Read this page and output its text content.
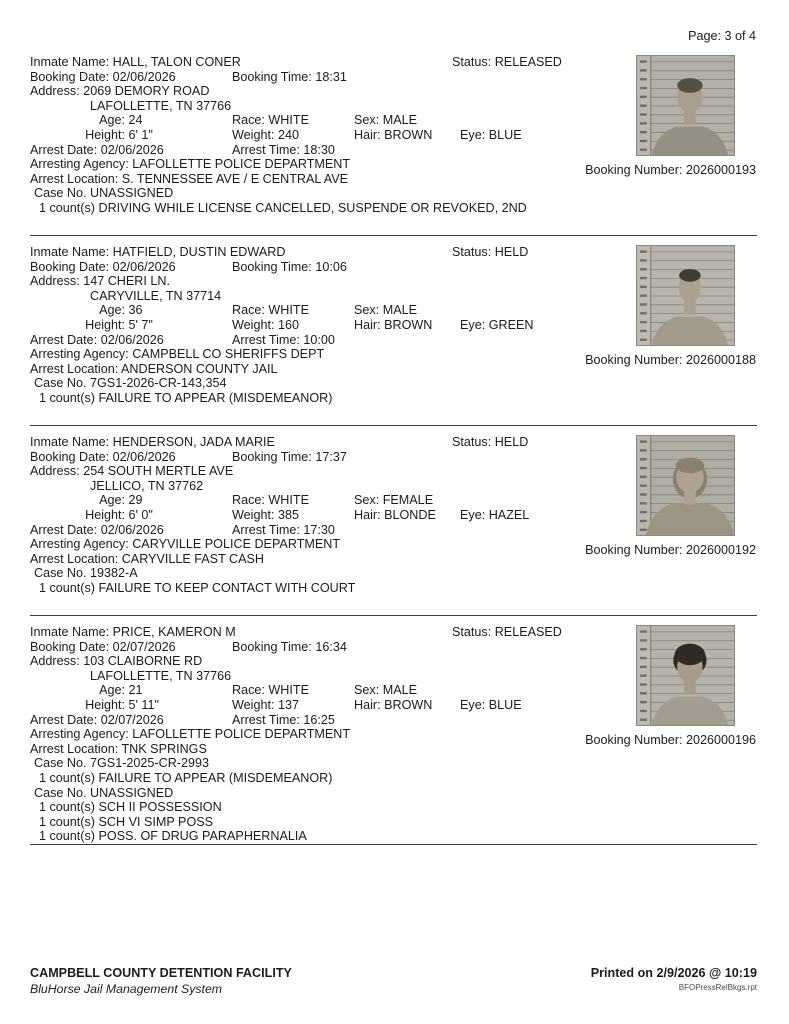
Page: 3 of 4
Inmate Name: HALL, TALON CONER	Status: RELEASED
Booking Date: 02/06/2026	Booking Time: 18:31
Address: 2069 DEMORY ROAD
LAFOLLETTE, TN 37766
Age: 24	Race: WHITE	Sex: MALE
Height: 6' 1"	Weight: 240	Hair: BROWN Eye: BLUE
Arrest Date: 02/06/2026	Arrest Time: 18:30
Arresting Agency: LAFOLLETTE POLICE DEPARTMENT
Arrest Location: S. TENNESSEE AVE / E CENTRAL AVE
Case No. UNASSIGNED
1 count(s) DRIVING WHILE LICENSE CANCELLED, SUSPENDE OR REVOKED, 2ND
Booking Number: 2026000193
Inmate Name: HATFIELD, DUSTIN EDWARD	Status: HELD
Booking Date: 02/06/2026	Booking Time: 10:06
Address: 147 CHERI LN.
CARYVILLE, TN 37714
Age: 36	Race: WHITE	Sex: MALE
Height: 5' 7"	Weight: 160	Hair: BROWN Eye: GREEN
Arrest Date: 02/06/2026	Arrest Time: 10:00
Arresting Agency: CAMPBELL CO SHERIFFS DEPT
Arrest Location: ANDERSON COUNTY JAIL
Case No. 7GS1-2026-CR-143,354
1 count(s) FAILURE TO APPEAR (MISDEMEANOR)
Booking Number: 2026000188
Inmate Name: HENDERSON, JADA MARIE	Status: HELD
Booking Date: 02/06/2026	Booking Time: 17:37
Address: 254 SOUTH MERTLE AVE
JELLICO, TN 37762
Age: 29	Race: WHITE	Sex: FEMALE
Height: 6' 0"	Weight: 385	Hair: BLONDE Eye: HAZEL
Arrest Date: 02/06/2026	Arrest Time: 17:30
Arresting Agency: CARYVILLE POLICE DEPARTMENT
Arrest Location: CARYVILLE FAST CASH
Case No. 19382-A
1 count(s) FAILURE TO KEEP CONTACT WITH COURT
Booking Number: 2026000192
Inmate Name: PRICE, KAMERON M	Status: RELEASED
Booking Date: 02/07/2026	Booking Time: 16:34
Address: 103 CLAIBORNE RD
LAFOLLETTE, TN 37766
Age: 21	Race: WHITE	Sex: MALE
Height: 5' 11"	Weight: 137	Hair: BROWN Eye: BLUE
Arrest Date: 02/07/2026	Arrest Time: 16:25
Arresting Agency: LAFOLLETTE POLICE DEPARTMENT
Arrest Location: TNK SPRINGS
Case No. 7GS1-2025-CR-2993
1 count(s) FAILURE TO APPEAR (MISDEMEANOR)
Case No. UNASSIGNED
1 count(s) SCH II POSSESSION
1 count(s) SCH VI SIMP POSS
1 count(s) POSS. OF DRUG PARAPHERNALIA
Booking Number: 2026000196
CAMPBELL COUNTY DETENTION FACILITY
BluHorse Jail Management System
Printed on 2/9/2026 @ 10:19
BFOPressRelBkgs.rpt
